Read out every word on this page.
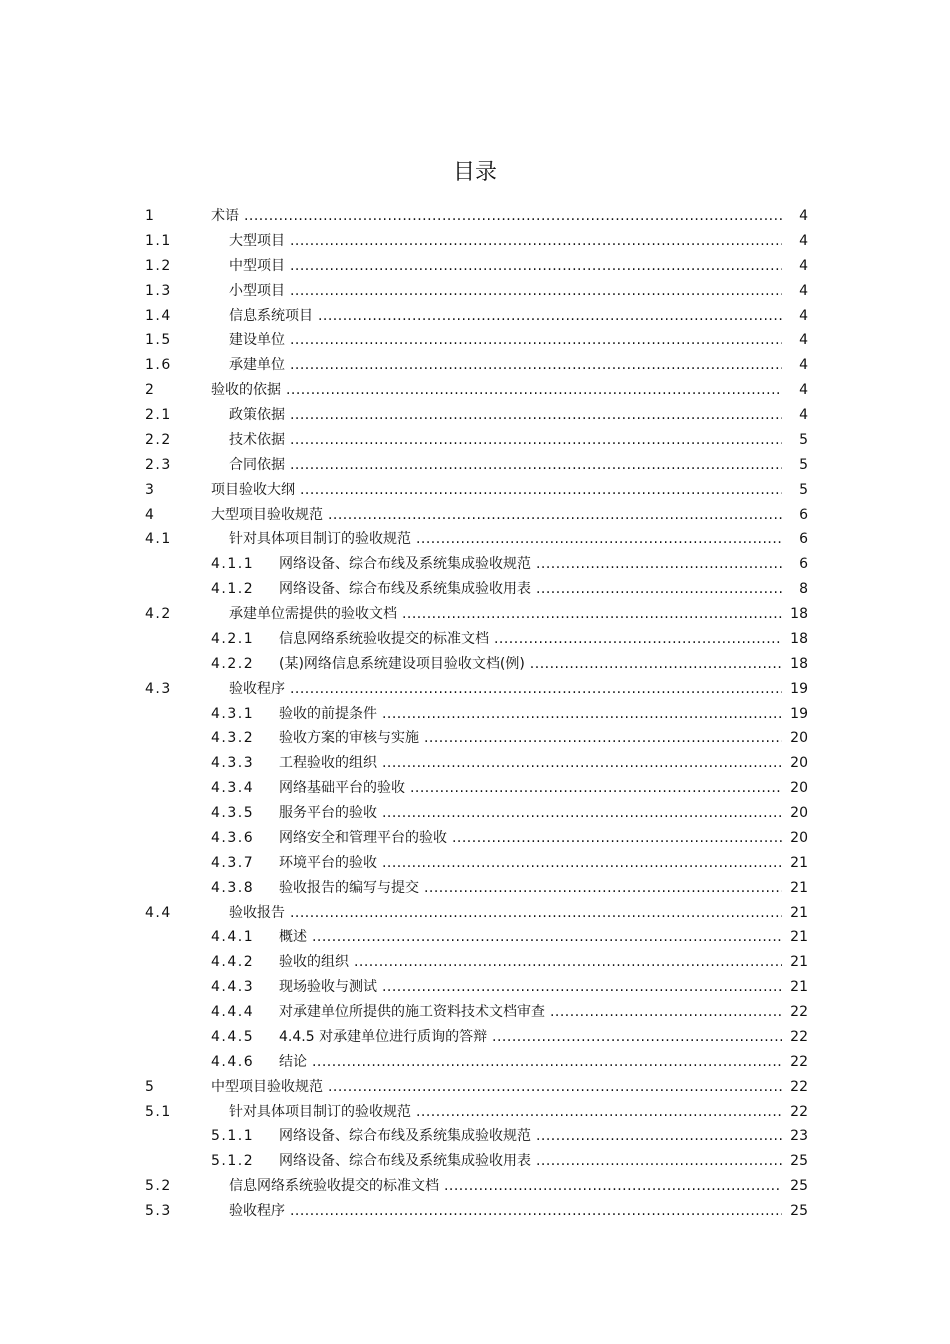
目录
1	术语 .....	4
1.1	大型项目 .....	4
1.2	中型项目 .....	4
1.3	小型项目 .....	4
1.4	信息系统项目 .....	4
1.5	建设单位 .....	4
1.6	承建单位 .....	4
2	验收的依据 .....	4
2.1	政策依据 .....	4
2.2	技术依据 .....	5
2.3	合同依据 .....	5
3	项目验收大纲 .....	5
4	大型项目验收规范 .....	6
4.1	针对具体项目制订的验收规范 .....	6
4.1.1 网络设备、综合布线及系统集成验收规范 .....	6
4.1.2 网络设备、综合布线及系统集成验收用表 .....	8
4.2	承建单位需提供的验收文档 .....	18
4.2.1 信息网络系统验收提交的标准文档 .....	18
4.2.2 (某)网络信息系统建设项目验收文档(例) .....	18
4.3	验收程序 .....	19
4.3.1 验收的前提条件 .....	19
4.3.2 验收方案的审核与实施 .....	20
4.3.3 工程验收的组织 .....	20
4.3.4 网络基础平台的验收 .....	20
4.3.5 服务平台的验收 .....	20
4.3.6 网络安全和管理平台的验收 .....	20
4.3.7 环境平台的验收 .....	21
4.3.8 验收报告的编写与提交 .....	21
4.4	验收报告 .....	21
4.4.1 概述 .....	21
4.4.2 验收的组织 .....	21
4.4.3 现场验收与测试 .....	21
4.4.4 对承建单位所提供的施工资料技术文档审查 .....	22
4.4.5 4.4.5 对承建单位进行质询的答辩 .....	22
4.4.6 结论 .....	22
5	中型项目验收规范 .....	22
5.1	针对具体项目制订的验收规范 .....	22
5.1.1 网络设备、综合布线及系统集成验收规范 .....	23
5.1.2 网络设备、综合布线及系统集成验收用表 .....	25
5.2	信息网络系统验收提交的标准文档 .....	25
5.3	验收程序 .....	25
